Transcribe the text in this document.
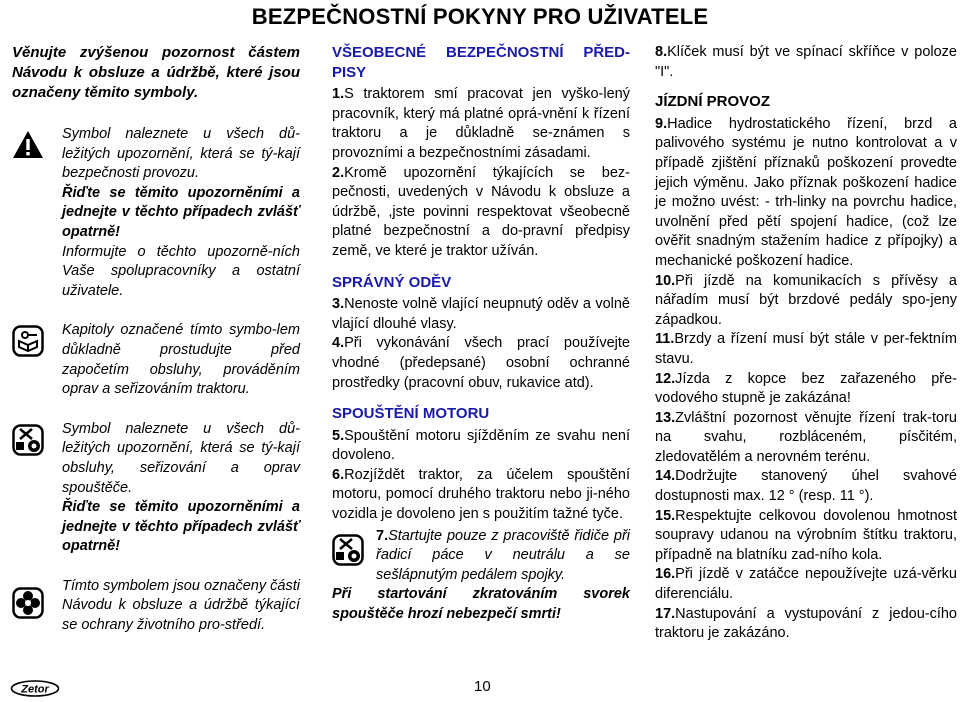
BEZPEČNOSTNÍ POKYNY PRO UŽIVATELE

Věnujte zvýšenou pozornost částem Návodu k obsluze a údržbě, které jsou označeny těmito symboly.

Symbol naleznete u všech dů-ležitých upozornění, která se tý-kají bezpečnosti provozu.

Řiďte se těmito upozorněními a jednejte v těchto případech zvlášť opatrně!

Informujte o těchto upozorně-ních Vaše spolupracovníky a ostatní uživatele.

Kapitoly označené tímto symbo-lem důkladně prostudujte před započetím obsluhy, prováděním oprav a seřizováním traktoru.

Symbol naleznete u všech dů-ležitých upozornění, která se tý-kají obsluhy, seřizování a oprav spouštěče.

Řiďte se těmito upozorněními a jednejte v těchto případech zvlášť opatrně!

Tímto symbolem jsou označeny části Návodu k obsluze a údržbě týkající se ochrany životního pro-středí.

VŠEOBECNÉ BEZPEČNOSTNÍ PŘED-PISY

1.S traktorem smí pracovat jen vyško-lený pracovník, který má platné oprá-vnění k řízení traktoru a je důkladně se-známen s provozními a bezpečnostními zásadami.

2.Kromě upozornění týkajících se bez-pečnosti, uvedených v Návodu k obsluze a údržbě, ,jste povinni respektovat všeobecně platné bezpečnostní a do-pravní předpisy země, ve které je traktor užíván.

SPRÁVNÝ ODĚV

3.Nenoste volně vlající neupnutý oděv a volně vlající dlouhé vlasy.

4.Při vykonávání všech prací používejte vhodné (předepsané) osobní ochranné prostředky (pracovní obuv, rukavice atd).

SPOUŠTĚNÍ MOTORU

5.Spouštění motoru sjížděním ze svahu není dovoleno.

6.Rozjíždět traktor, za účelem spouštění motoru, pomocí druhého traktoru nebo ji-ného vozidla je dovoleno jen s použitím tažné tyče.

7.Startujte pouze z pracoviště řidiče při řadicí páce v neutrálu a se sešlápnutým pedálem spojky.

Při startování zkratováním svorek spouštěče hrozí nebezpečí smrti!

8.Klíček musí být ve spínací skříňce v poloze "I".

JÍZDNÍ PROVOZ

9.Hadice hydrostatického řízení, brzd a palivového systému je nutno kontrolovat a v případě zjištění příznaků poškození provedte jejich výměnu. Jako příznak poškození hadice je možno uvést: - trh-linky na povrchu hadice, uvolnění před pětí spojení hadice, (což lze ověřit snadným stažením hadice z přípojky) a mechanické poškození hadice.

10.Při jízdě na komunikacích s přívěsy a nářadím musí být brzdové pedály spo-jeny západkou.

11.Brzdy a řízení musí být stále v per-fektním stavu.

12.Jízda z kopce bez zařazeného pře-vodového stupně je zakázána!

13.Zvláštní pozornost věnujte řízení trak-toru na svahu, rozbláceném, písčitém, zledovatělém a nerovném terénu.

14.Dodržujte stanovený úhel svahové dostupnosti max. 12 ° (resp. 11 °).

15.Respektujte celkovou dovolenou hmotnost soupravy udanou na výrobním štítku traktoru, případně na blatníku zad-ního kola.

16.Při jízdě v zatáčce nepoužívejte uzá-věrku diferenciálu.

17.Nastupování a vystupování z jedou-cího traktoru je zakázáno.

Zetor	10
